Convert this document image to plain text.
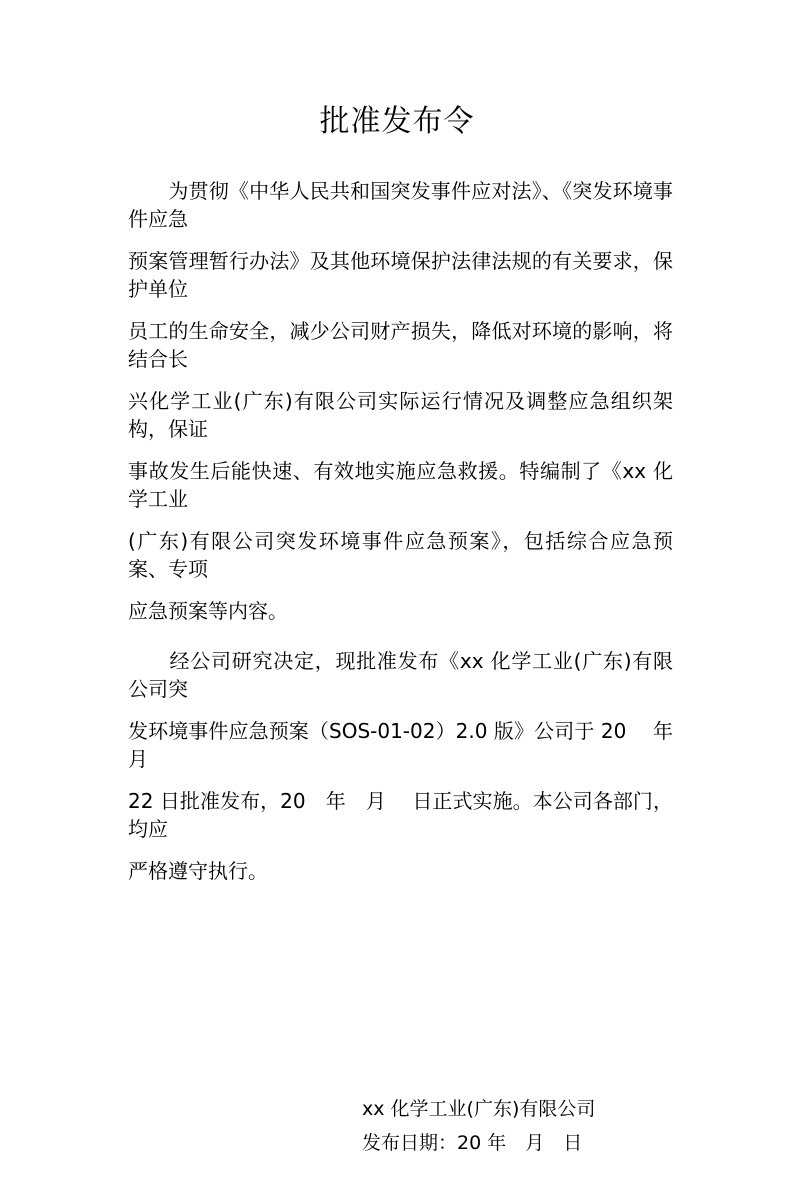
批准发布令
　　为贯彻《中华人民共和国突发事件应对法》、《突发环境事件应急
预案管理暂行办法》及其他环境保护法律法规的有关要求，保护单位
员工的生命安全，减少公司财产损失，降低对环境的影响，将结合长
兴化学工业(广东)有限公司实际运行情况及调整应急组织架构，保证
事故发生后能快速、有效地实施应急救援。特编制了《xx 化学工业
(广东)有限公司突发环境事件应急预案》，包括综合应急预案、专项
应急预案等内容。
　　经公司研究决定，现批准发布《xx 化学工业(广东)有限公司突
发环境事件应急预案（SOS-01-02）2.0 版》公司于 20　 年　 月
22 日批准发布，20　年　月　 日正式实施。本公司各部门，均应
严格遵守执行。
xx 化学工业(广东)有限公司
发布日期：20 年　月　日
